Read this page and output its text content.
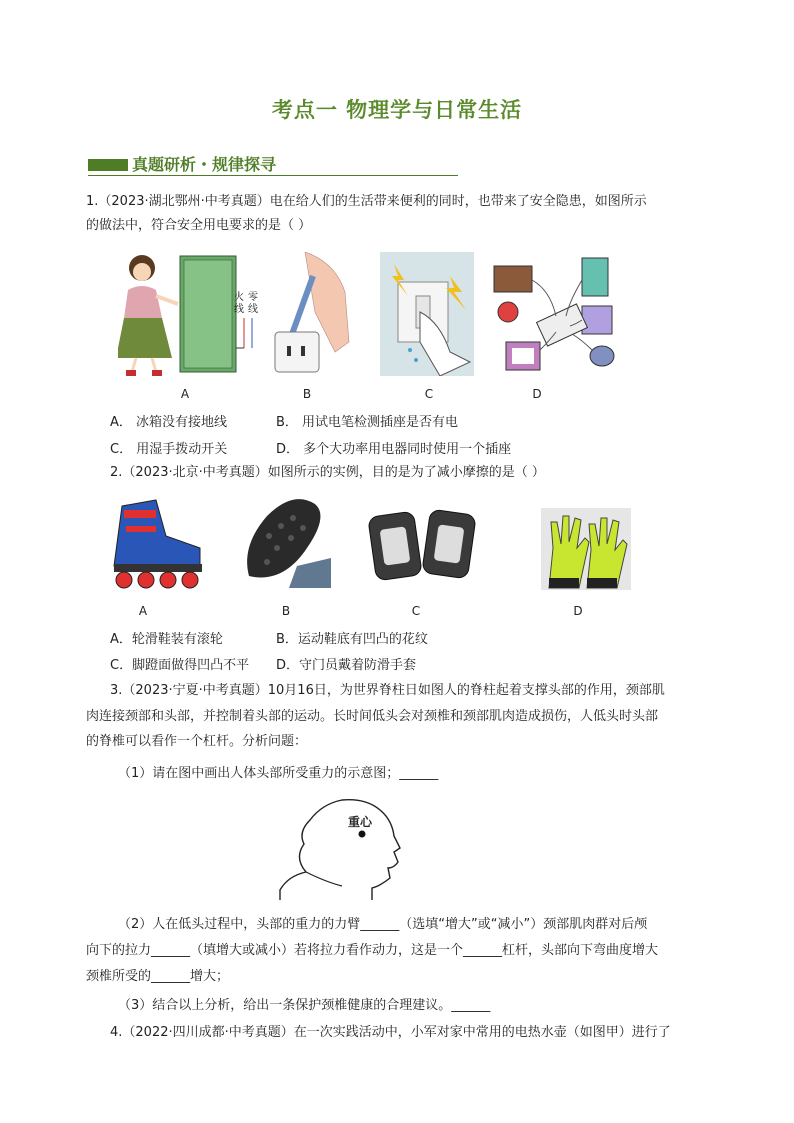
考点一 物理学与日常生活
真题研析・规律探寻
1.（2023·湖北鄂州·中考真题）电在给人们的生活带来便利的同时，也带来了安全隐患，如图所示
的做法中，符合安全用电要求的是（ ）
火 零
线 线
A	B	C	D
A． 冰箱没有接地线	B． 用试电笔检测插座是否有电
C． 用湿手拨动开关	D． 多个大功率用电器同时使用一个插座
2.（2023·北京·中考真题）如图所示的实例，目的是为了减小摩擦的是（ ）
A	B	C	D
A．轮滑鞋装有滚轮	B．运动鞋底有凹凸的花纹
C．脚蹬面做得凹凸不平 D．守门员戴着防滑手套
3.（2023·宁夏·中考真题）10月16日，为世界脊柱日如图人的脊柱起着支撑头部的作用，颈部肌
肉连接颈部和头部，并控制着头部的运动。长时间低头会对颈椎和颈部肌肉造成损伤，人低头时头部
的脊椎可以看作一个杠杆。分析问题：
（1）请在图中画出人体头部所受重力的示意图；______
重心
（2）人在低头过程中，头部的重力的力臂______（选填“增大”或“减小”）颈部肌肉群对后颅
向下的拉力______（填增大或减小）若将拉力看作动力，这是一个______杠杆，头部向下弯曲度增大
颈椎所受的______增大；
（3）结合以上分析，给出一条保护颈椎健康的合理建议。______
4.（2022·四川成都·中考真题）在一次实践活动中，小军对家中常用的电热水壶（如图甲）进行了
